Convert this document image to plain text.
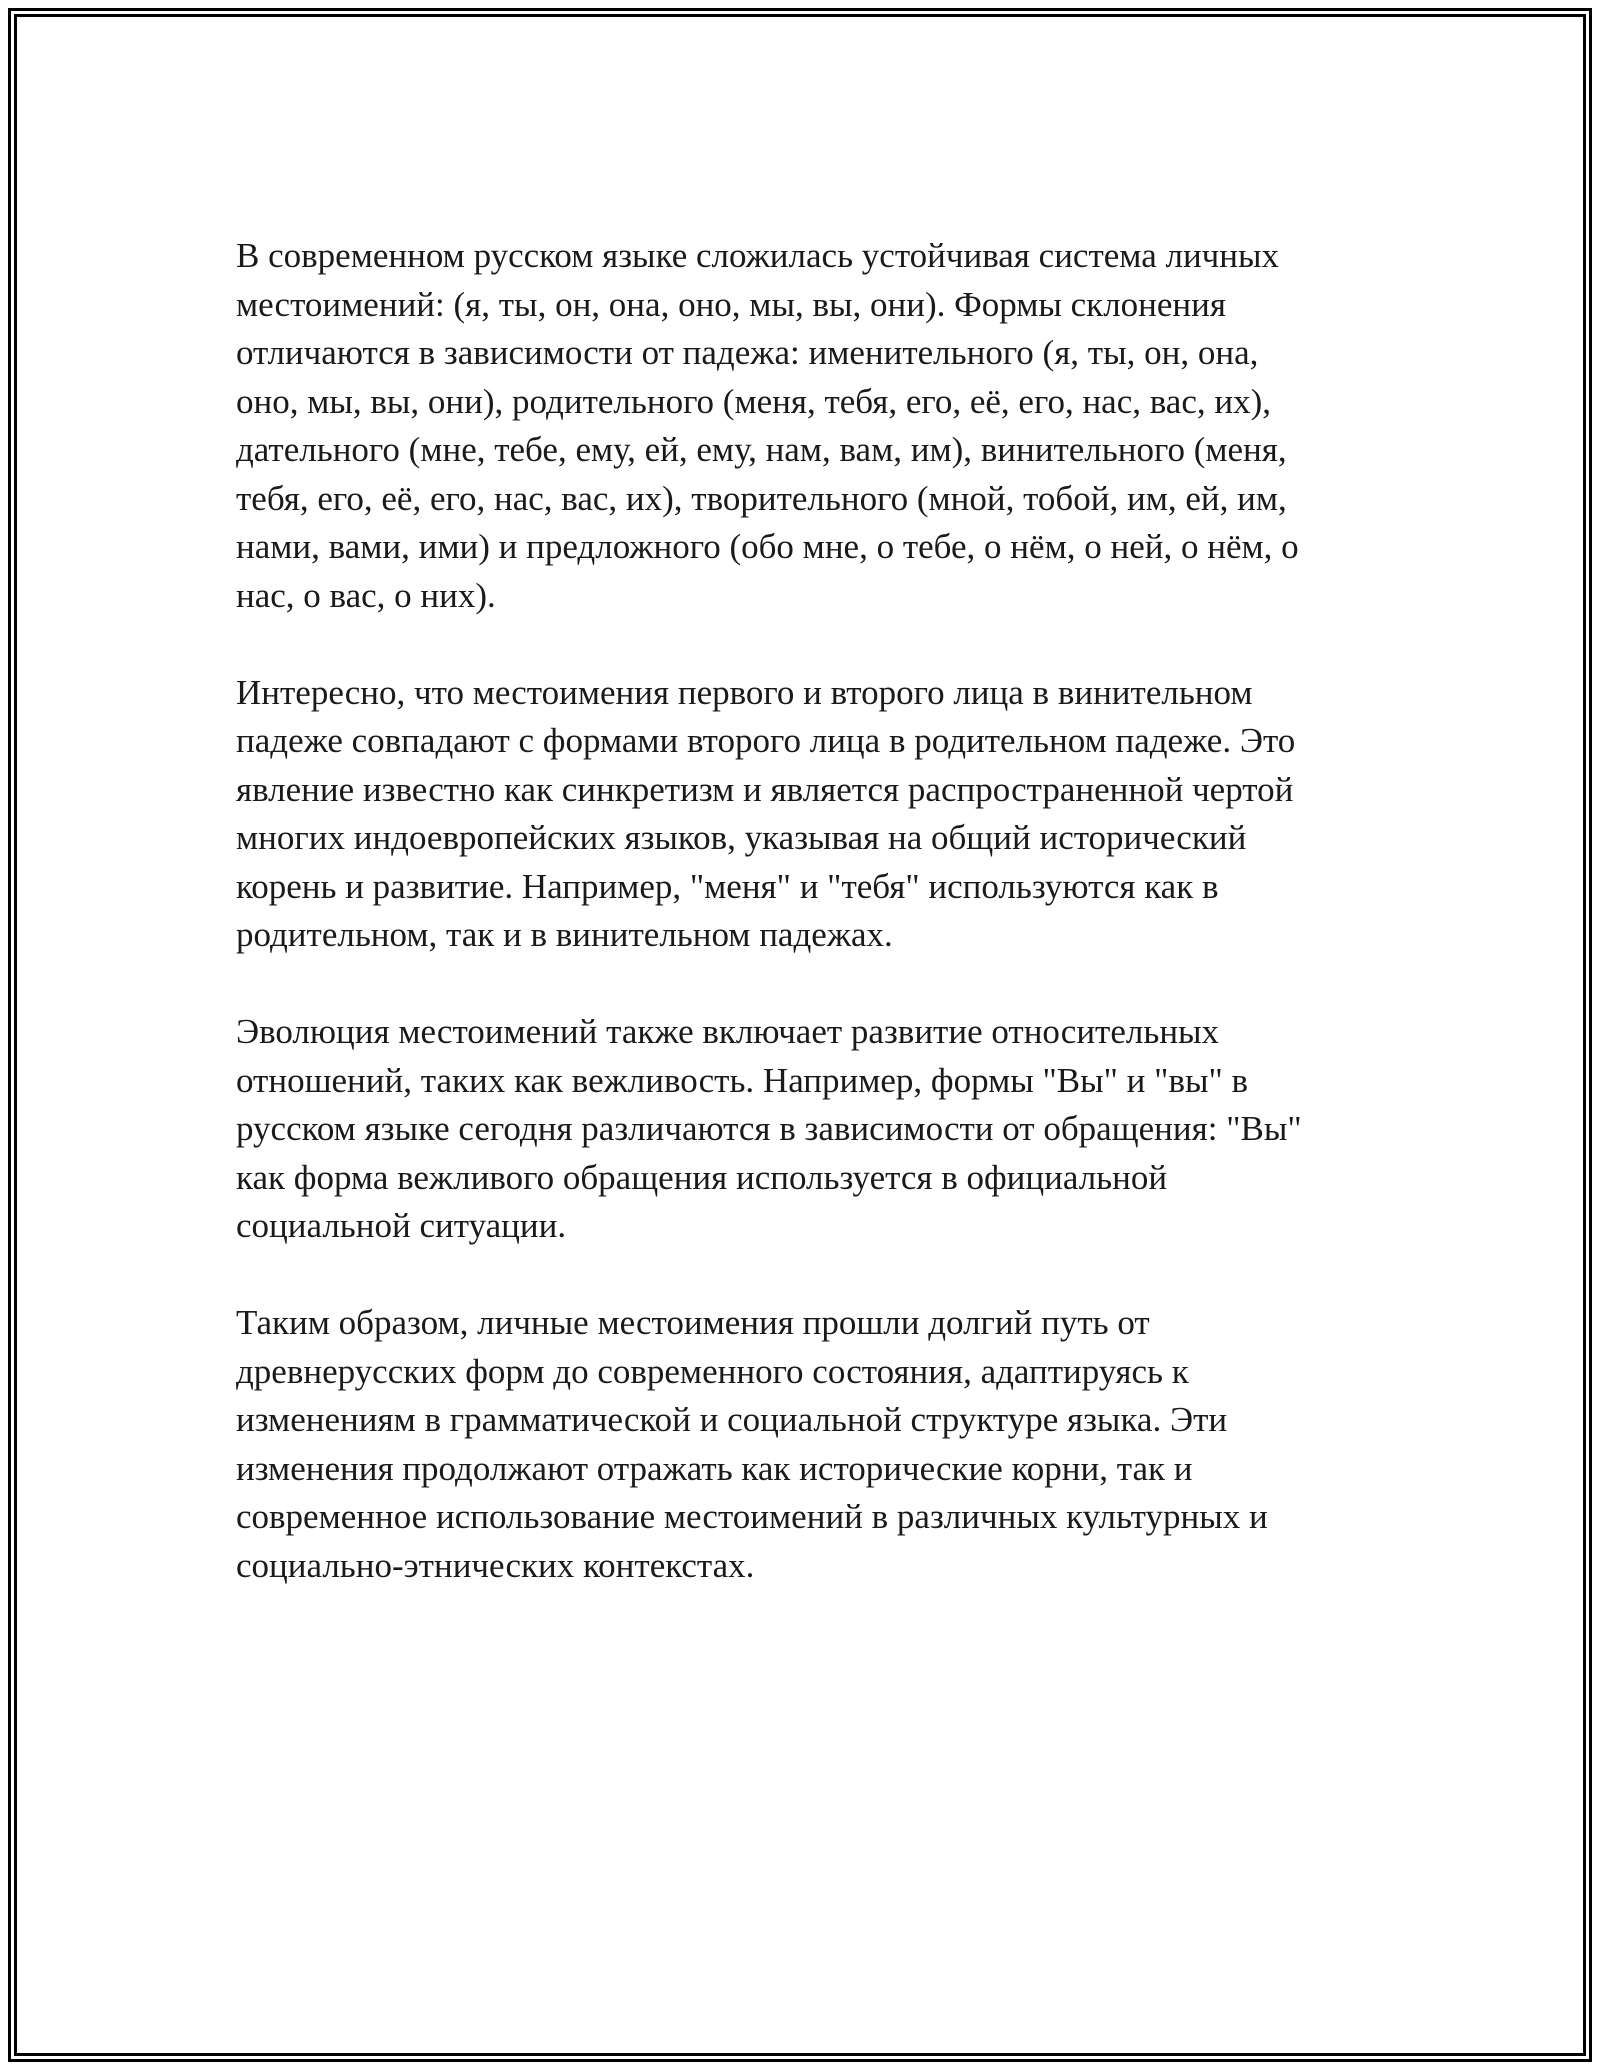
В современном русском языке сложилась устойчивая система личных
местоимений: (я, ты, он, она, оно, мы, вы, они). Формы склонения
отличаются в зависимости от падежа: именительного (я, ты, он, она,
оно, мы, вы, они), родительного (меня, тебя, его, её, его, нас, вас, их),
дательного (мне, тебе, ему, ей, ему, нам, вам, им), винительного (меня,
тебя, его, её, его, нас, вас, их), творительного (мной, тобой, им, ей, им,
нами, вами, ими) и предложного (обо мне, о тебе, о нём, о ней, о нём, о
нас, о вас, о них).

Интересно, что местоимения первого и второго лица в винительном
падеже совпадают с формами второго лица в родительном падеже. Это
явление известно как синкретизм и является распространенной чертой
многих индоевропейских языков, указывая на общий исторический
корень и развитие. Например, "меня" и "тебя" используются как в
родительном, так и в винительном падежах.

Эволюция местоимений также включает развитие относительных
отношений, таких как вежливость. Например, формы "Вы" и "вы" в
русском языке сегодня различаются в зависимости от обращения: "Вы"
как форма вежливого обращения используется в официальной
социальной ситуации.

Таким образом, личные местоимения прошли долгий путь от
древнерусских форм до современного состояния, адаптируясь к
изменениям в грамматической и социальной структуре языка. Эти
изменения продолжают отражать как исторические корни, так и
современное использование местоимений в различных культурных и
социально-этнических контекстах.
